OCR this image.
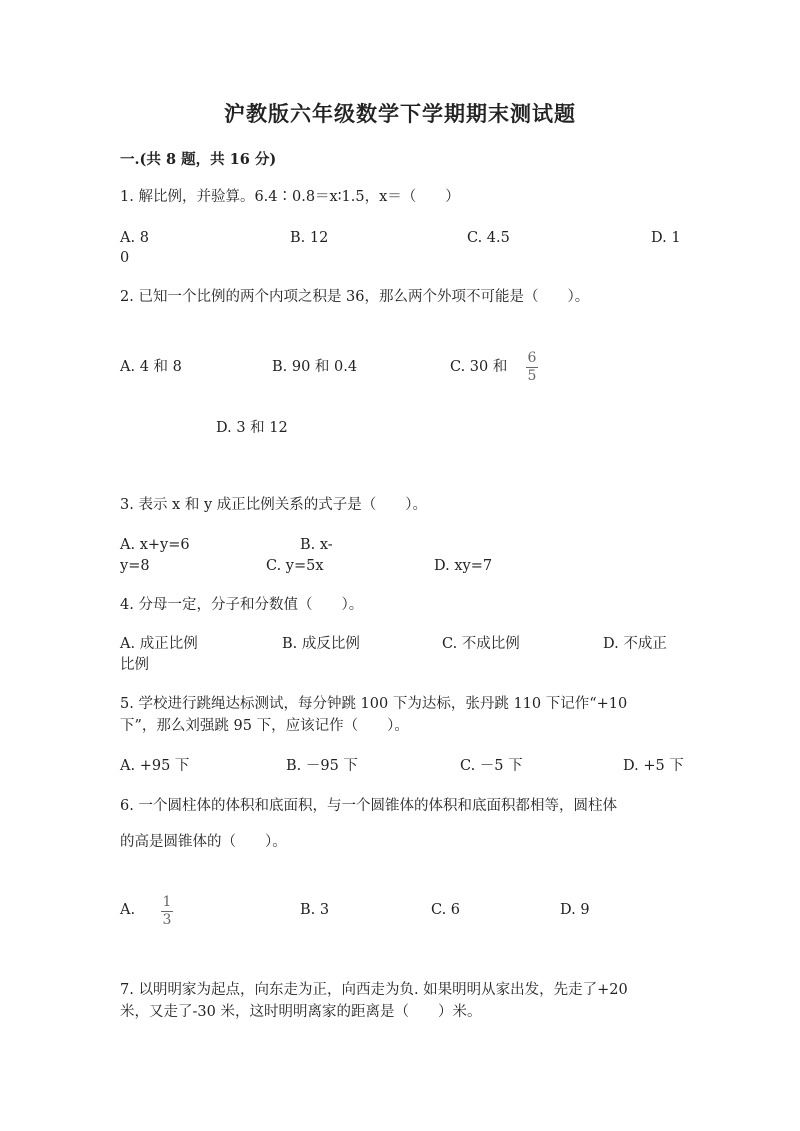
沪教版六年级数学下学期期末测试题
一.(共 8 题，共 16 分)
1. 解比例，并验算。6.4∶0.8＝x∶1.5，x＝（　　）
A. 8	B. 12	C. 4.5	D. 1
0
2. 已知一个比例的两个内项之积是 36，那么两个外项不可能是（　　）。
A. 4 和 8	B. 90 和 0.4	C. 30 和
6
5
D. 3 和 12
3. 表示 x 和 y 成正比例关系的式子是（　　）。
A. x+y=6	B. x-
y=8	C. y=5x	D. xy=7
4. 分母一定，分子和分数值（　　）。
A. 成正比例	B. 成反比例	C. 不成比例	D. 不成正
比例
5. 学校进行跳绳达标测试，每分钟跳 100 下为达标，张丹跳 110 下记作“+10
下”，那么刘强跳 95 下，应该记作（　　）。
A. +95 下	B. －95 下	C. －5 下	D. +5 下
6. 一个圆柱体的体积和底面积，与一个圆锥体的体积和底面积都相等，圆柱体
的高是圆锥体的（　　）。
A. 1
3
B. 3	C. 6	D. 9
7. 以明明家为起点，向东走为正，向西走为负. 如果明明从家出发，先走了+20
米，又走了-30 米，这时明明离家的距离是（　　）米。
